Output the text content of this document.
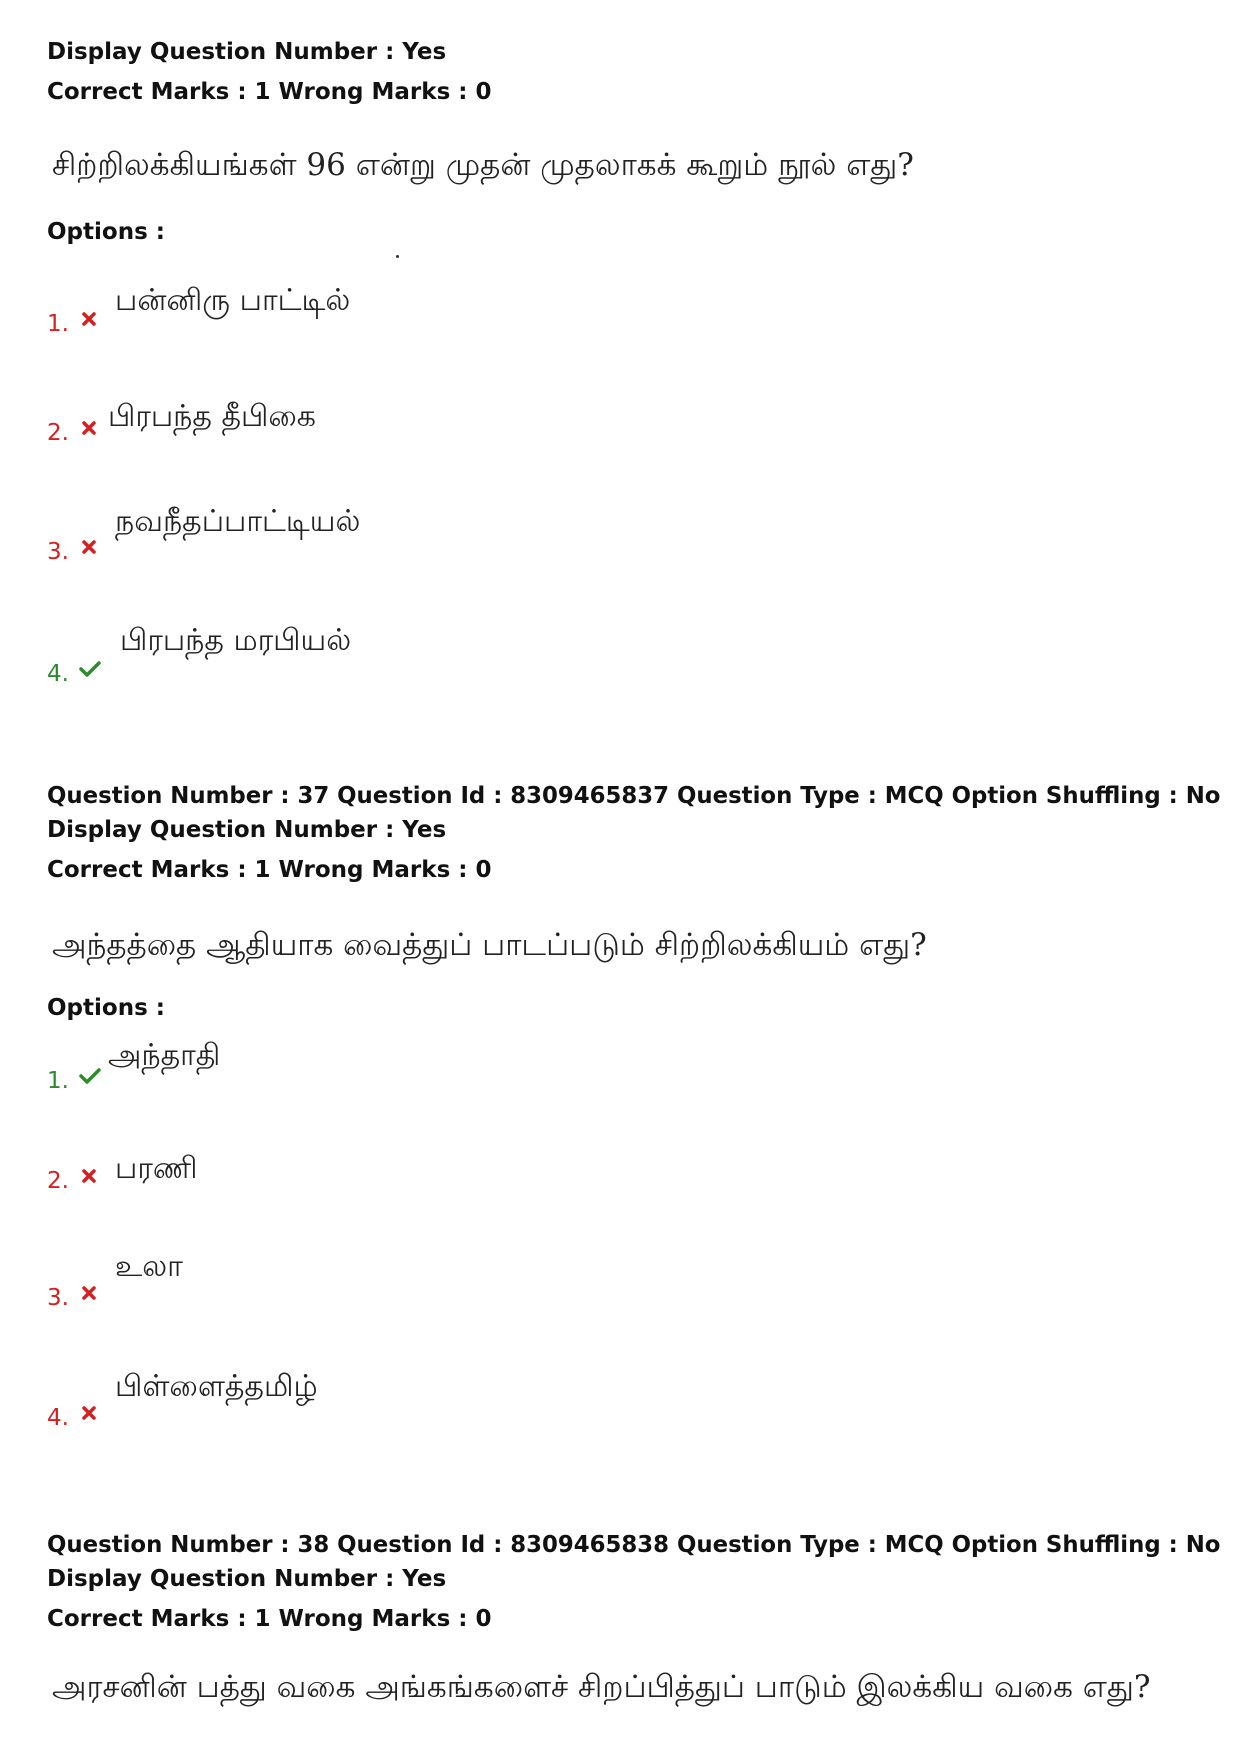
Display Question Number : Yes
Correct Marks : 1 Wrong Marks : 0
சிற்றிலக்கியங்கள் 96 என்று முதன் முதலாகக் கூறும் நூல் எது?
Options :
1.
பன்னிரு பாட்டில்
2. பிரபந்த தீபிகை
3.
நவநீதப்பாட்டியல்
4.
பிரபந்த மரபியல்
Question Number : 37 Question Id : 8309465837 Question Type : MCQ Option Shuffling : No
Display Question Number : Yes
Correct Marks : 1 Wrong Marks : 0
அந்தத்தை ஆதியாக வைத்துப் பாடப்படும் சிற்றிலக்கியம் எது?
Options :
1.
அந்தாதி
2. பரணி
3.
உலா
4.
பிள்ளைத்தமிழ்
Question Number : 38 Question Id : 8309465838 Question Type : MCQ Option Shuffling : No
Display Question Number : Yes
Correct Marks : 1 Wrong Marks : 0
அரசனின் பத்து வகை அங்கங்களைச் சிறப்பித்துப் பாடும் இலக்கிய வகை எது?
